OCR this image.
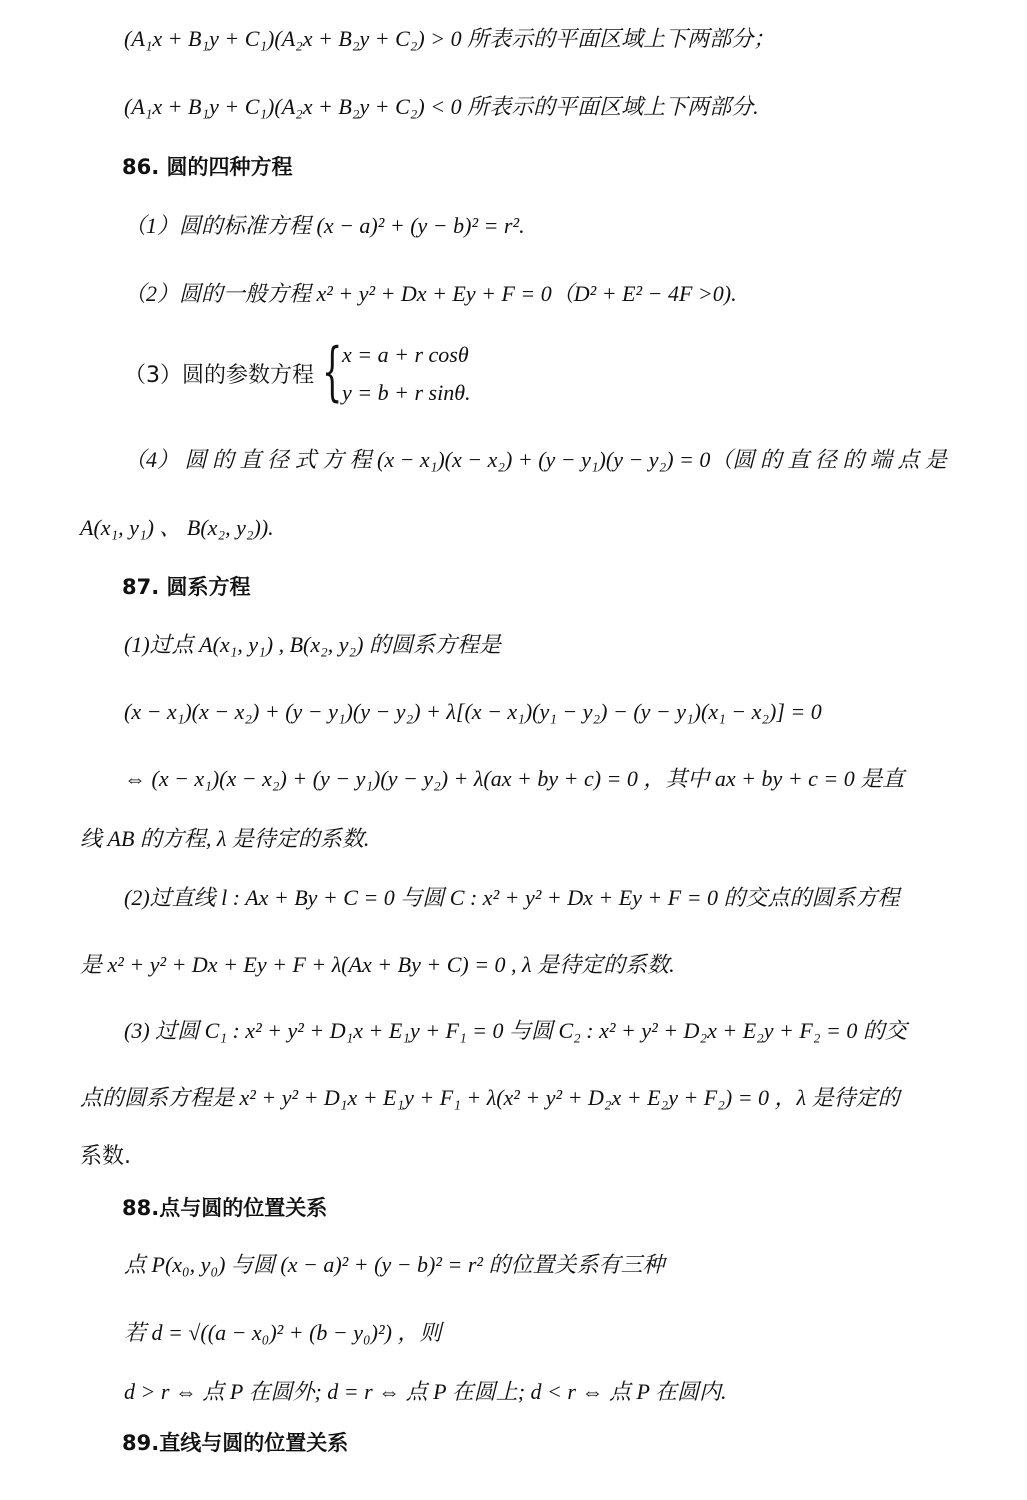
(A₁x + B₁y + C₁)(A₂x + B₂y + C₂) > 0 所表示的平面区域上下两部分；
(A₁x + B₁y + C₁)(A₂x + B₂y + C₂) < 0 所表示的平面区域上下两部分.
86. 圆的四种方程
（1）圆的标准方程 (x − a)² + (y − b)² = r².
（2）圆的一般方程 x² + y² + Dx + Ey + F = 0（D² + E² − 4F >0).
（3）圆的参数方程 { x = a + r cosθ
y = b + r sinθ.
（4） 圆 的 直 径 式 方 程 (x − x₁)(x − x₂) + (y − y₁)(y − y₂) = 0（圆 的 直 径 的 端 点 是
A(x₁, y₁) 、 B(x₂, y₂)).
87. 圆系方程
(1)过点 A(x₁, y₁) , B(x₂, y₂) 的圆系方程是
(x − x₁)(x − x₂) + (y − y₁)(y − y₂) + λ[(x − x₁)(y₁ − y₂) − (y − y₁)(x₁ − x₂)] = 0
⇔ (x − x₁)(x − x₂) + (y − y₁)(y − y₂) + λ(ax + by + c) = 0 ，其中 ax + by + c = 0 是直
线 AB 的方程, λ 是待定的系数.
(2)过直线 l : Ax + By + C = 0 与圆 C : x² + y² + Dx + Ey + F = 0 的交点的圆系方程
是 x² + y² + Dx + Ey + F + λ(Ax + By + C) = 0 , λ 是待定的系数.
(3) 过圆 C₁ : x² + y² + D₁x + E₁y + F₁ = 0 与圆 C₂ : x² + y² + D₂x + E₂y + F₂ = 0 的交
点的圆系方程是 x² + y² + D₁x + E₁y + F₁ + λ(x² + y² + D₂x + E₂y + F₂) = 0 ，λ 是待定的
系数.
88.点与圆的位置关系
点 P(x₀, y₀) 与圆 (x − a)² + (y − b)² = r² 的位置关系有三种
若 d = √((a − x₀)² + (b − y₀)²) ，则
d > r ⇔ 点 P 在圆外; d = r ⇔ 点 P 在圆上; d < r ⇔ 点 P 在圆内.
89.直线与圆的位置关系
